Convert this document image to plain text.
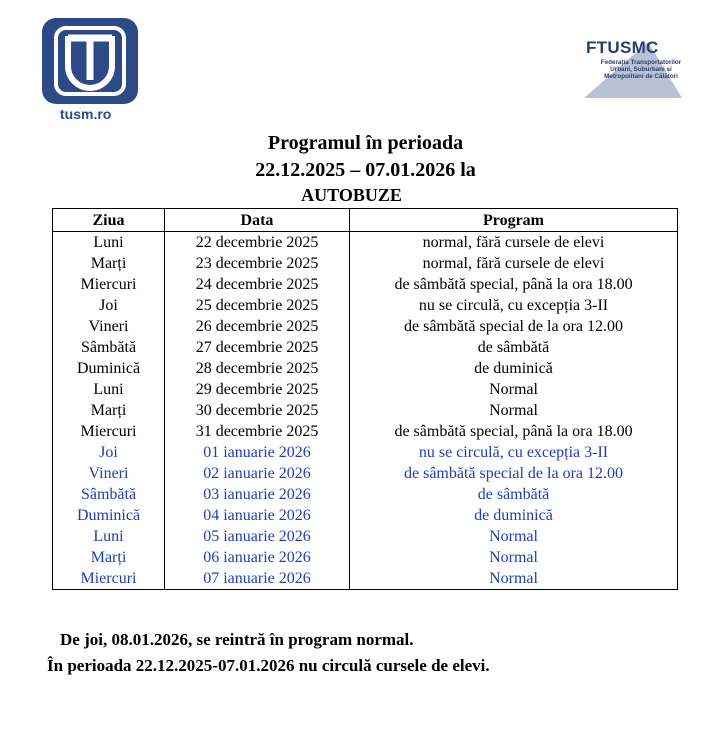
tusm.ro
FTUSMC
Federația Transportatorilor Urbani, Suburbani și Metropolitani de Călători
Programul în perioada
22.12.2025 – 07.01.2026 la
AUTOBUZE
Ziua	Data	Program
Luni	22 decembrie 2025	normal, fără cursele de elevi
Marți	23 decembrie 2025	normal, fără cursele de elevi
Miercuri	24 decembrie 2025	de sâmbătă special, până la ora 18.00
Joi	25 decembrie 2025	nu se circulă, cu excepția 3-II
Vineri	26 decembrie 2025	de sâmbătă special de la ora 12.00
Sâmbătă	27 decembrie 2025	de sâmbătă
Duminică	28 decembrie 2025	de duminică
Luni	29 decembrie 2025	Normal
Marți	30 decembrie 2025	Normal
Miercuri	31 decembrie 2025	de sâmbătă special, până la ora 18.00
Joi	01 ianuarie 2026	nu se circulă, cu excepția 3-II
Vineri	02 ianuarie 2026	de sâmbătă special de la ora 12.00
Sâmbătă	03 ianuarie 2026	de sâmbătă
Duminică	04 ianuarie 2026	de duminică
Luni	05 ianuarie 2026	Normal
Marți	06 ianuarie 2026	Normal
Miercuri	07 ianuarie 2026	Normal
De joi, 08.01.2026, se reintră în program normal.
În perioada 22.12.2025-07.01.2026 nu circulă cursele de elevi.
